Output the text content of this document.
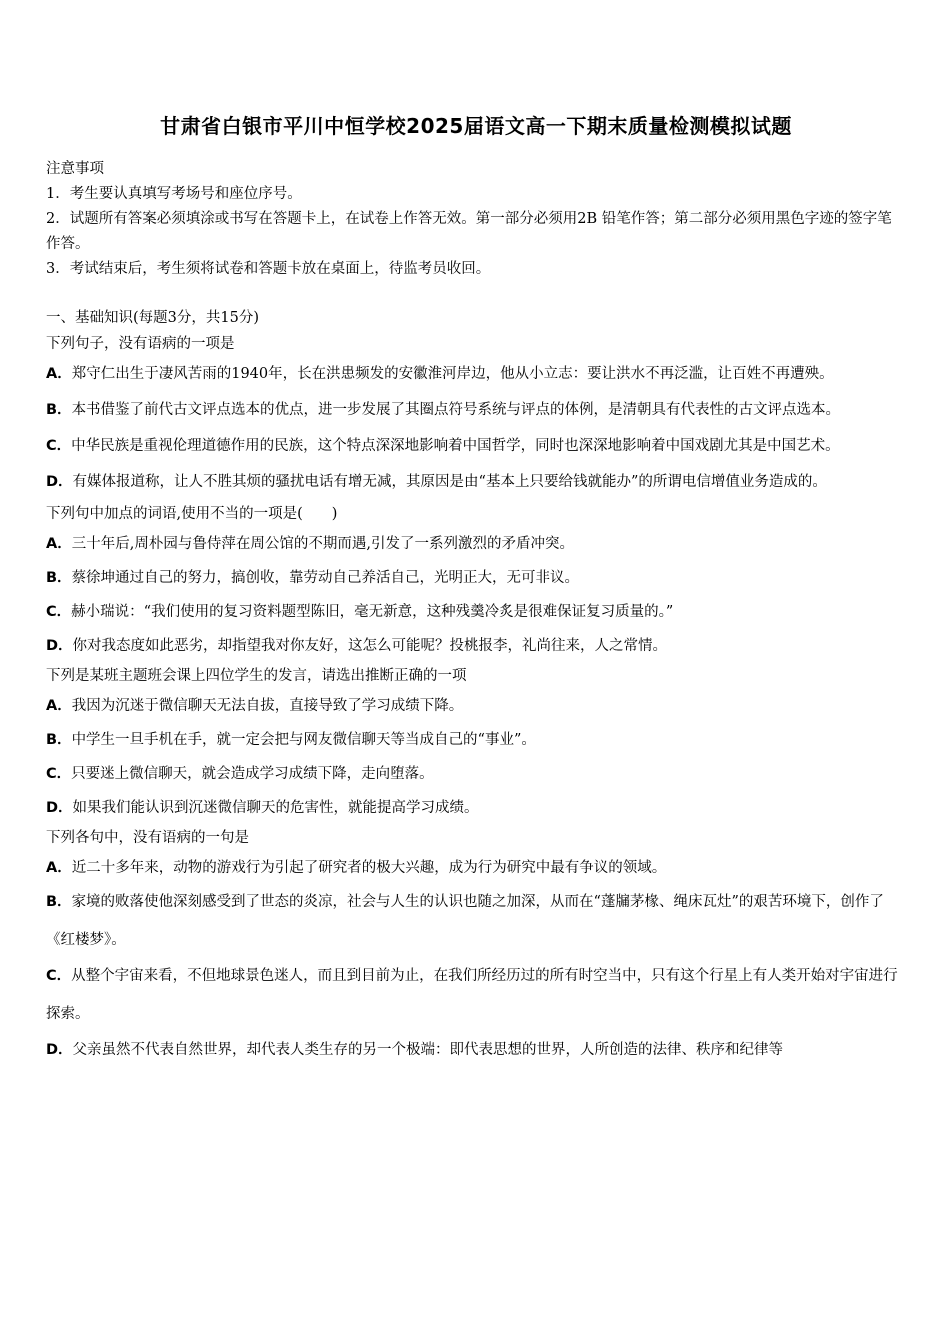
甘肃省白银市平川中恒学校2025届语文高一下期末质量检测模拟试题
注意事项
1．考生要认真填写考场号和座位序号。
2．试题所有答案必须填涂或书写在答题卡上，在试卷上作答无效。第一部分必须用2B 铅笔作答；第二部分必须用黑色字迹的签字笔作答。
3．考试结束后，考生须将试卷和答题卡放在桌面上，待监考员收回。
一、基础知识(每题3分，共15分)
下列句子，没有语病的一项是
A．郑守仁出生于凄风苦雨的1940年，长在洪患频发的安徽淮河岸边，他从小立志：要让洪水不再泛滥，让百姓不再遭殃。
B．本书借鉴了前代古文评点选本的优点，进一步发展了其圈点符号系统与评点的体例，是清朝具有代表性的古文评点选本。
C．中华民族是重视伦理道德作用的民族，这个特点深深地影响着中国哲学，同时也深深地影响着中国戏剧尤其是中国艺术。
D．有媒体报道称，让人不胜其烦的骚扰电话有增无减，其原因是由“基本上只要给钱就能办”的所谓电信增值业务造成的。
下列句中加点的词语,使用不当的一项是(　　)
A．三十年后,周朴园与鲁侍萍在周公馆的不期而遇,引发了一系列激烈的矛盾冲突。
B．蔡徐坤通过自己的努力，搞创收，靠劳动自己养活自己，光明正大，无可非议。
C．赫小瑞说：“我们使用的复习资料题型陈旧，毫无新意，这种残羹冷炙是很难保证复习质量的。”
D．你对我态度如此恶劣，却指望我对你友好，这怎么可能呢？投桃报李，礼尚往来，人之常情。
下列是某班主题班会课上四位学生的发言，请选出推断正确的一项
A．我因为沉迷于微信聊天无法自拔，直接导致了学习成绩下降。
B．中学生一旦手机在手，就一定会把与网友微信聊天等当成自己的“事业”。
C．只要迷上微信聊天，就会造成学习成绩下降，走向堕落。
D．如果我们能认识到沉迷微信聊天的危害性，就能提高学习成绩。
下列各句中，没有语病的一句是
A．近二十多年来，动物的游戏行为引起了研究者的极大兴趣，成为行为研究中最有争议的领域。
B．家境的败落使他深刻感受到了世态的炎凉，社会与人生的认识也随之加深，从而在“蓬牖茅椽、绳床瓦灶”的艰苦环境下，创作了《红楼梦》。
C．从整个宇宙来看，不但地球景色迷人，而且到目前为止，在我们所经历过的所有时空当中，只有这个行星上有人类开始对宇宙进行探索。
D．父亲虽然不代表自然世界，却代表人类生存的另一个极端：即代表思想的世界，人所创造的法律、秩序和纪律等
